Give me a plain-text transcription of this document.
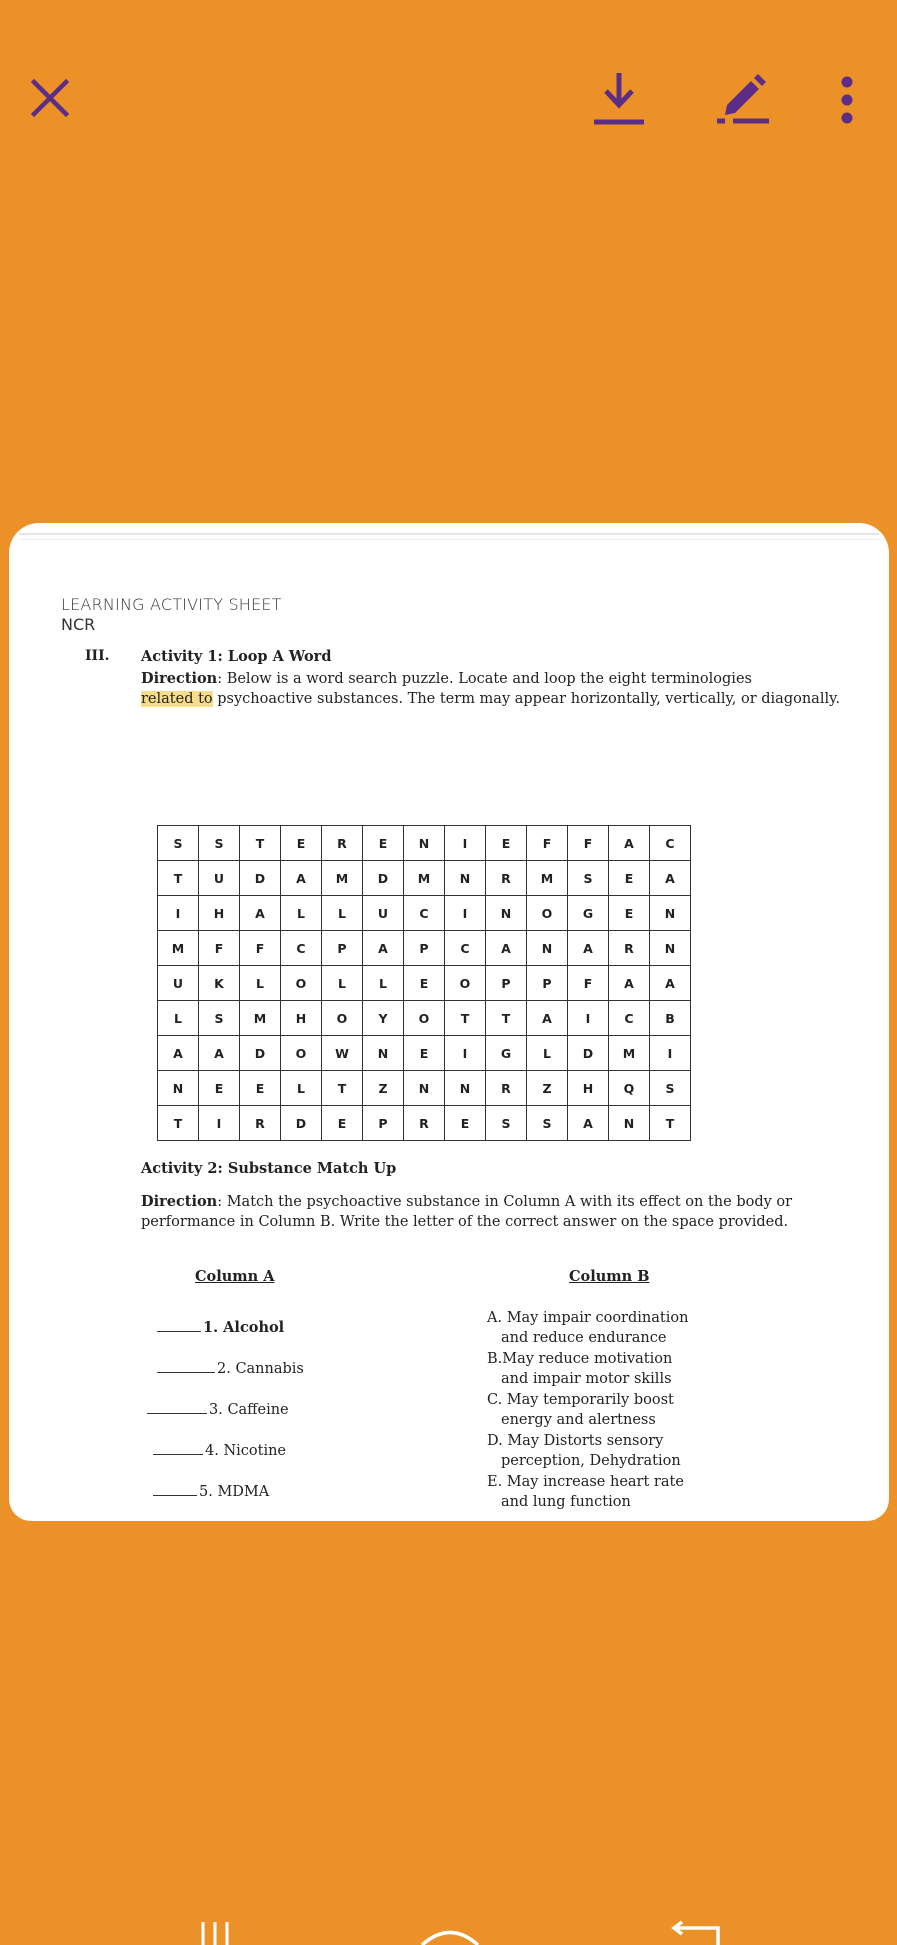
LEARNING ACTIVITY SHEET
NCR
III. Activity 1: Loop A Word
Direction: Below is a word search puzzle. Locate and loop the eight terminologies
related to psychoactive substances. The term may appear horizontally, vertically, or diagonally.
S	S	T	E	R	E	N	I	E	F	F	A	C
T	U	D	A	M	D	M	N	R	M	S	E	A
I	H	A	L	L	U	C	I	N	O	G	E	N
M	F	F	C	P	A	P	C	A	N	A	R	N
U	K	L	O	L	L	E	O	P	P	F	A	A
L	S	M	H	O	Y	O	T	T	A	I	C	B
A	A	D	O	W	N	E	I	G	L	D	M	I
N	E	E	L	T	Z	N	N	R	Z	H	Q	S
T	I	R	D	E	P	R	E	S	S	A	N	T
Activity 2: Substance Match Up
Direction: Match the psychoactive substance in Column A with its effect on the body or performance in Column B. Write the letter of the correct answer on the space provided.
Column A	Column B
1. Alcohol
2. Cannabis
3. Caffeine
4. Nicotine
5. MDMA
A. May impair coordination
and reduce endurance
B.May reduce motivation
and impair motor skills
C. May temporarily boost
energy and alertness
D. May Distorts sensory
perception, Dehydration
E. May increase heart rate
and lung function
